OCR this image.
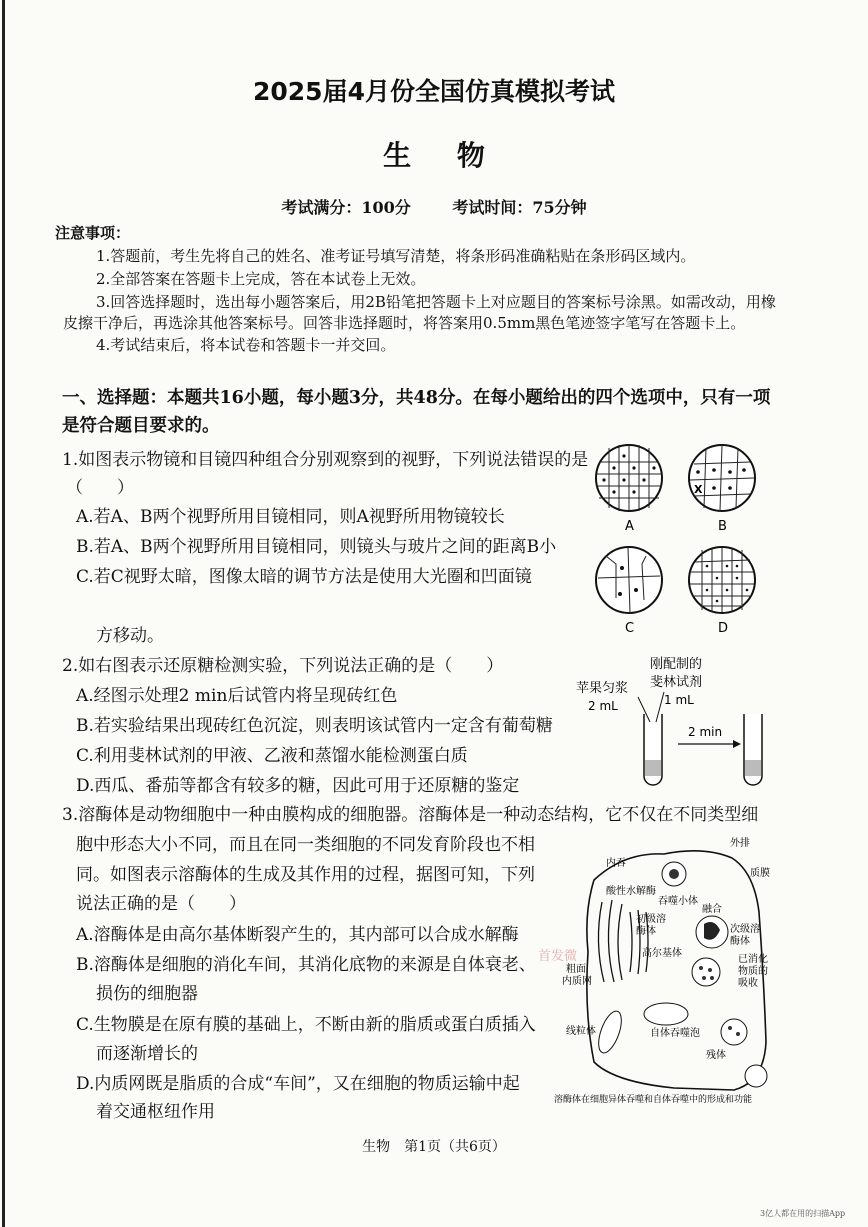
2025届4月份全国仿真模拟考试
生 物
考试满分：100分	考试时间：75分钟
注意事项：
1.答题前，考生先将自己的姓名、准考证号填写清楚，将条形码准确粘贴在条形码区域内。
2.全部答案在答题卡上完成，答在本试卷上无效。
3.回答选择题时，选出每小题答案后，用2B铅笔把答题卡上对应题目的答案标号涂黑。如需改动，用橡
皮擦干净后，再选涂其他答案标号。回答非选择题时，将答案用0.5mm黑色笔迹签字笔写在答题卡上。
4.考试结束后，将本试卷和答题卡一并交回。
一、选择题：本题共16小题，每小题3分，共48分。在每小题给出的四个选项中，只有一项
是符合题目要求的。
1.如图表示物镜和目镜四种组合分别观察到的视野，下列说法错误的是
（　　）
A.若A、B两个视野所用目镜相同，则A视野所用物镜较长
B.若A、B两个视野所用目镜相同，则镜头与玻片之间的距离B小
C.若C视野太暗，图像太暗的调节方法是使用大光圈和凹面镜
方移动。
A
X
B
C	D
2.如右图表示还原糖检测实验，下列说法正确的是（　　）
A.经图示处理2 min后试管内将呈现砖红色
B.若实验结果出现砖红色沉淀，则表明该试管内一定含有葡萄糖
C.利用斐林试剂的甲液、乙液和蒸馏水能检测蛋白质
D.西瓜、番茄等都含有较多的糖，因此可用于还原糖的鉴定
苹果匀浆
2 mL
刚配制的
斐林试剂
1 mL
2 min
3.溶酶体是动物细胞中一种由膜构成的细胞器。溶酶体是一种动态结构，它不仅在不同类型细
胞中形态大小不同，而且在同一类细胞的不同发育阶段也不相
同。如图表示溶酶体的生成及其作用的过程，据图可知，下列
说法正确的是（　　）
A.溶酶体是由高尔基体断裂产生的，其内部可以合成水解酶
B.溶酶体是细胞的消化车间，其消化底物的来源是自体衰老、
损伤的细胞器
C.生物膜是在原有膜的基础上，不断由新的脂质或蛋白质插入
而逐渐增长的
D.内质网既是脂质的合成“车间”，又在细胞的物质运输中起
着交通枢纽作用
内吞
外排
质膜
酸性水解酶
吞噬小体
融合
初级溶
酶体	次级溶
酶体
高尔基体
已消化
物质的
吸收
粗面
内质网
线粒体	自体吞噬泡
残体
溶酶体在细胞异体吞噬和自体吞噬中的形成和功能
首发微
生物　第1页（共6页）
3亿人都在用的扫描App
